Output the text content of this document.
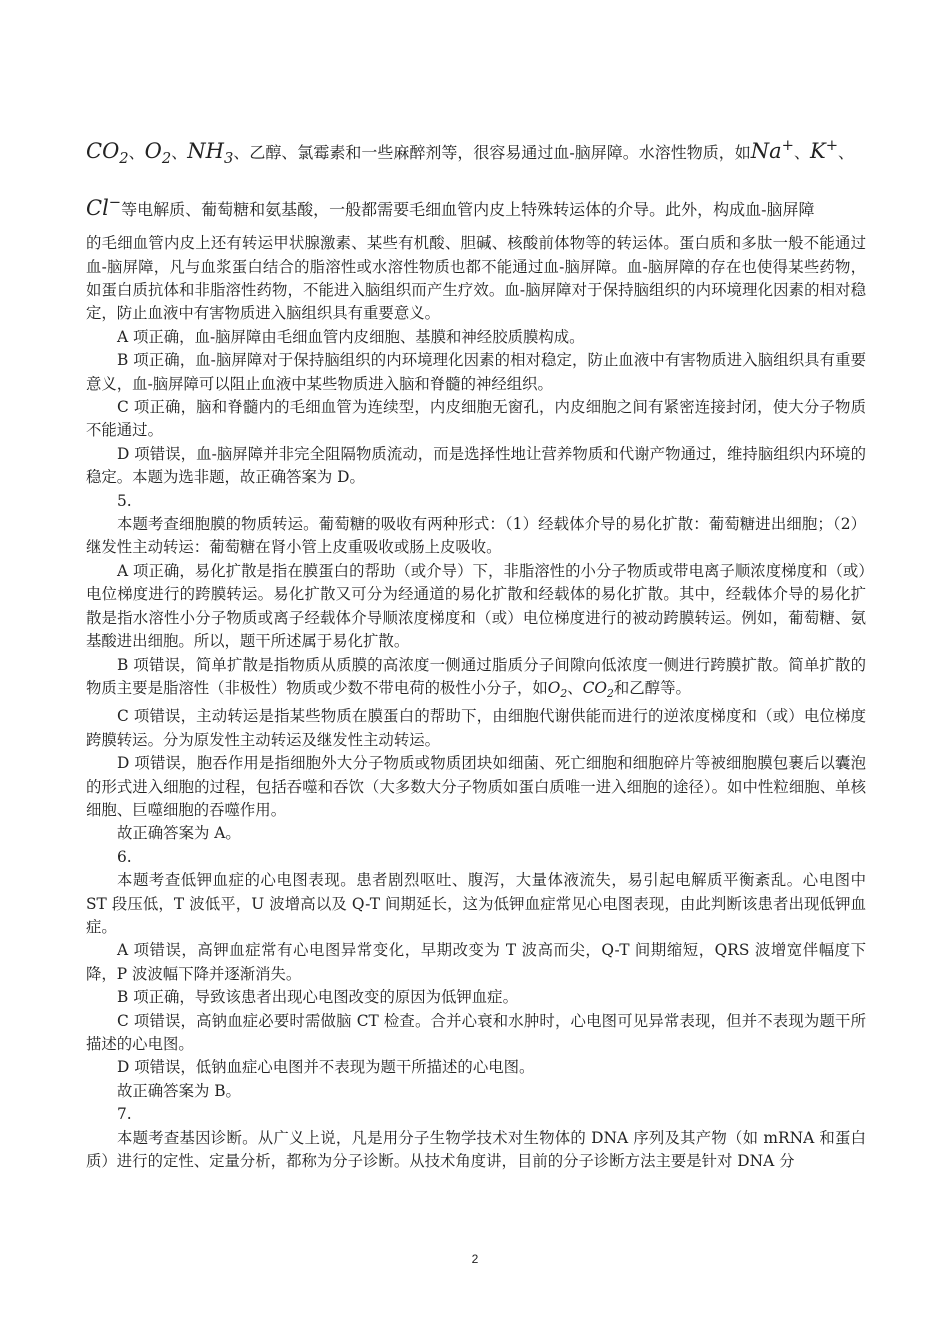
$CO_2$、$O_2$、$NH_3$、乙醇、氯霉素和一些麻醉剂等，很容易通过血-脑屏障。水溶性物质，如Na+、K+、

Cl−等电解质、葡萄糖和氨基酸，一般都需要毛细血管内皮上特殊转运体的介导。此外，构成血-脑屏障

的毛细血管内皮上还有转运甲状腺激素、某些有机酸、胆碱、核酸前体物等的转运体。蛋白质和多肽一般不能通过血-脑屏障，凡与血浆蛋白结合的脂溶性或水溶性物质也都不能通过血-脑屏障。血-脑屏障的存在也使得某些药物，如蛋白质抗体和非脂溶性药物，不能进入脑组织而产生疗效。血-脑屏障对于保持脑组织的内环境理化因素的相对稳定，防止血液中有害物质进入脑组织具有重要意义。

A 项正确，血-脑屏障由毛细血管内皮细胞、基膜和神经胶质膜构成。

B 项正确，血-脑屏障对于保持脑组织的内环境理化因素的相对稳定，防止血液中有害物质进入脑组织具有重要意义，血-脑屏障可以阻止血液中某些物质进入脑和脊髓的神经组织。

C 项正确，脑和脊髓内的毛细血管为连续型，内皮细胞无窗孔，内皮细胞之间有紧密连接封闭，使大分子物质不能通过。

D 项错误，血-脑屏障并非完全阻隔物质流动，而是选择性地让营养物质和代谢产物通过，维持脑组织内环境的稳定。本题为选非题，故正确答案为 D。

5.

本题考查细胞膜的物质转运。葡萄糖的吸收有两种形式：（1）经载体介导的易化扩散：葡萄糖进出细胞；（2）继发性主动转运：葡萄糖在肾小管上皮重吸收或肠上皮吸收。

A 项正确，易化扩散是指在膜蛋白的帮助（或介导）下，非脂溶性的小分子物质或带电离子顺浓度梯度和（或）电位梯度进行的跨膜转运。易化扩散又可分为经通道的易化扩散和经载体的易化扩散。其中，经载体介导的易化扩散是指水溶性小分子物质或离子经载体介导顺浓度梯度和（或）电位梯度进行的被动跨膜转运。例如，葡萄糖、氨基酸进出细胞。所以，题干所述属于易化扩散。

B 项错误，简单扩散是指物质从质膜的高浓度一侧通过脂质分子间隙向低浓度一侧进行跨膜扩散。简单扩散的物质主要是脂溶性（非极性）物质或少数不带电荷的极性小分子，如$O_2$、$CO_2$和乙醇等。

C 项错误，主动转运是指某些物质在膜蛋白的帮助下，由细胞代谢供能而进行的逆浓度梯度和（或）电位梯度跨膜转运。分为原发性主动转运及继发性主动转运。

D 项错误，胞吞作用是指细胞外大分子物质或物质团块如细菌、死亡细胞和细胞碎片等被细胞膜包裹后以囊泡的形式进入细胞的过程，包括吞噬和吞饮（大多数大分子物质如蛋白质唯一进入细胞的途径）。如中性粒细胞、单核细胞、巨噬细胞的吞噬作用。

故正确答案为 A。

6.

本题考查低钾血症的心电图表现。患者剧烈呕吐、腹泻，大量体液流失，易引起电解质平衡紊乱。心电图中 ST 段压低，T 波低平，U 波增高以及 Q-T 间期延长，这为低钾血症常见心电图表现，由此判断该患者出现低钾血症。

A 项错误，高钾血症常有心电图异常变化，早期改变为 T 波高而尖，Q-T 间期缩短，QRS 波增宽伴幅度下降，P 波波幅下降并逐渐消失。

B 项正确，导致该患者出现心电图改变的原因为低钾血症。

C 项错误，高钠血症必要时需做脑 CT 检查。合并心衰和水肿时，心电图可见异常表现，但并不表现为题干所描述的心电图。

D 项错误，低钠血症心电图并不表现为题干所描述的心电图。

故正确答案为 B。

7.

本题考查基因诊断。从广义上说，凡是用分子生物学技术对生物体的 DNA 序列及其产物（如 mRNA 和蛋白质）进行的定性、定量分析，都称为分子诊断。从技术角度讲，目前的分子诊断方法主要是针对 DNA 分

2
